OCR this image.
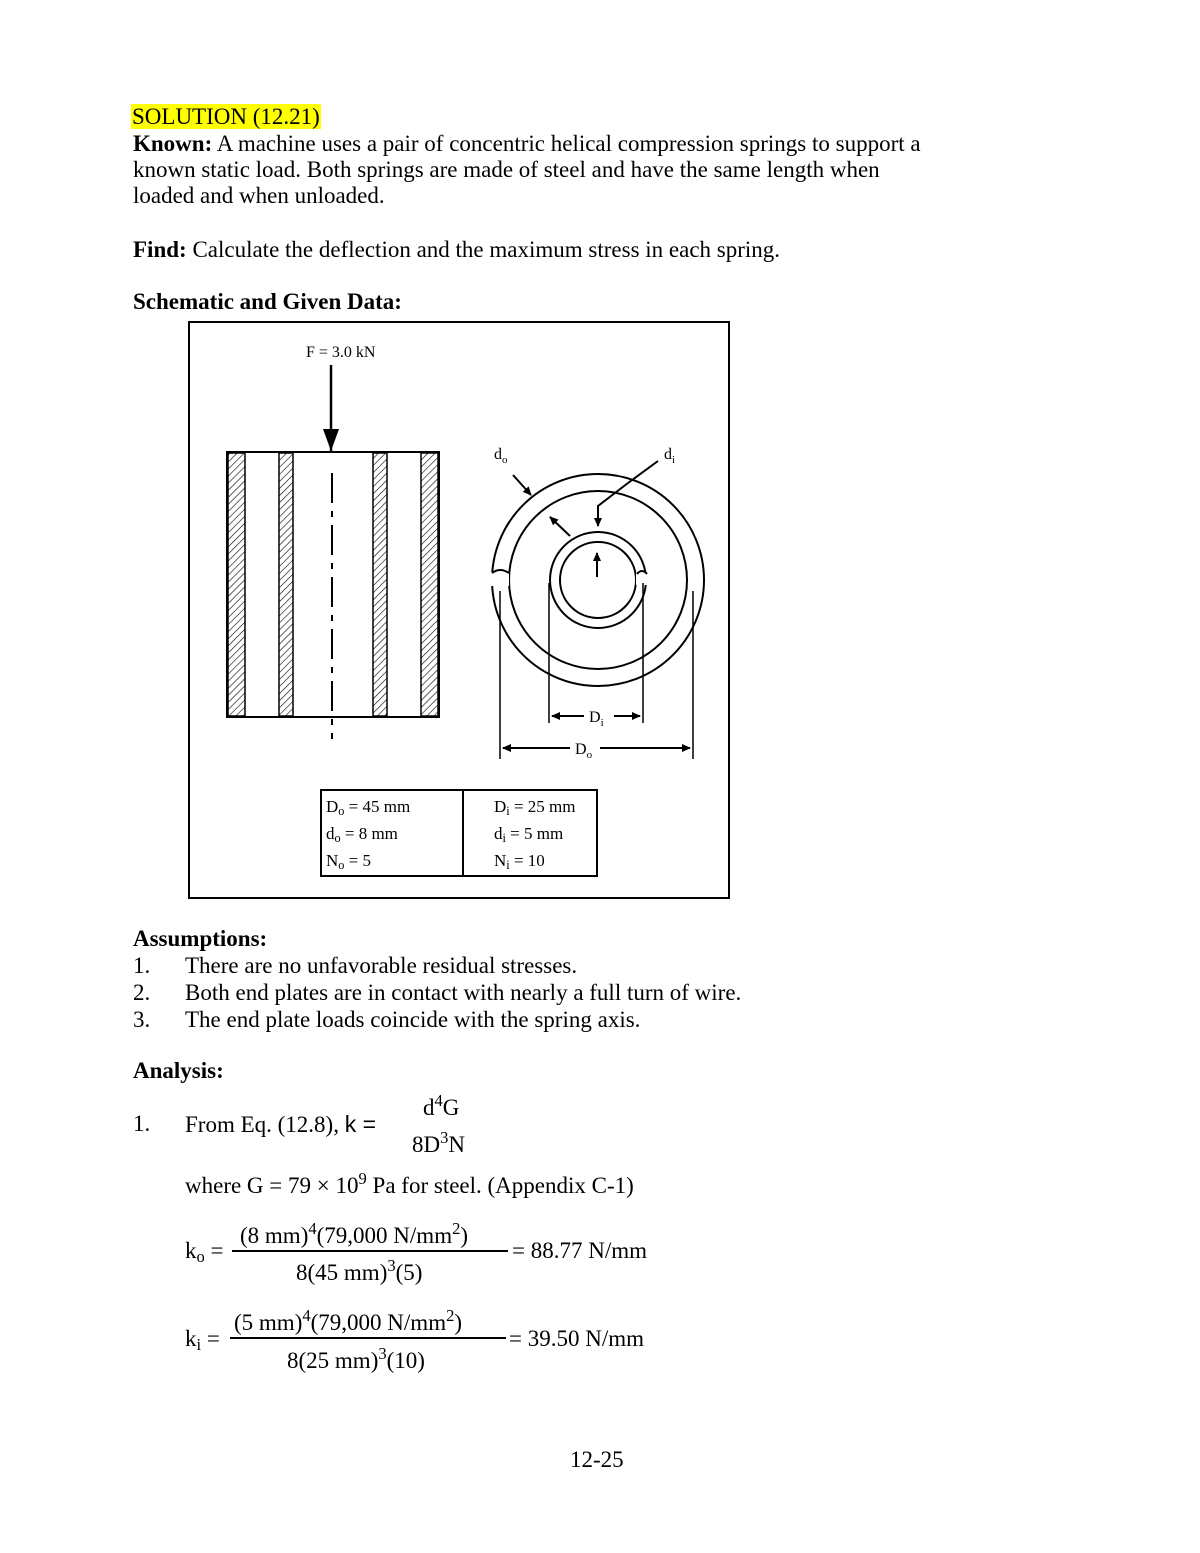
SOLUTION (12.21)
Known: A machine uses a pair of concentric helical compression springs to support a
known static load. Both springs are made of steel and have the same length when
loaded and when unloaded.
Find: Calculate the deflection and the maximum stress in each spring.
Schematic and Given Data:
F = 3.0 kN
$d_o$	$d_i$
$D_i$
$D_o$
$D_o = 45$ mm
$d_o = 8$ mm
$N_o = 5$
$D_i = 25$ mm
$d_i = 5$ mm
$N_i = 10$
Assumptions:
1. There are no unfavorable residual stresses.
2. Both end plates are in contact with nearly a full turn of wire.
3. The end plate loads coincide with the spring axis.
Analysis:
1. From Eq. (12.8), k =
$d^4G$
$8D^3N$
where $G = 79 \times 10^9$ Pa for steel. (Appendix C-1)
$k_o$ =
(8 mm)$^4$(79,000 $N/mm^2$)
8(45 mm)$^3$(5)
= 88.77 N/mm
$k_i$ =
(5 mm)$^4$(79,000 $N/mm^2$)
8(25 mm)$^3$(10)
= 39.50 N/mm
12-25
